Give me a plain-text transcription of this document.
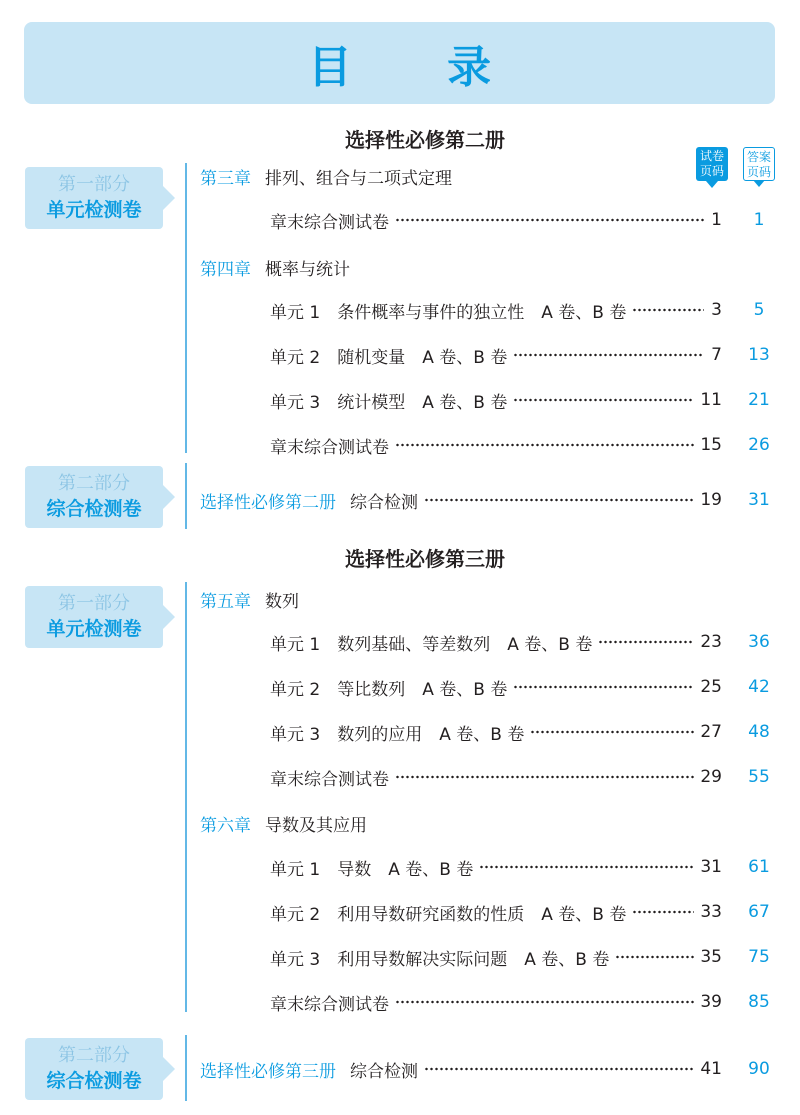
目 录
试卷
页码
答案
页码
选择性必修第二册
第一部分
单元检测卷
第三章 排列、组合与二项式定理
章末综合测试卷	1	1
第四章 概率与统计
单元 1　条件概率与事件的独立性　A 卷、B 卷	3	5
单元 2　随机变量　A 卷、B 卷	7	13
单元 3　统计模型　A 卷、B 卷	11	21
章末综合测试卷	15	26
第二部分
综合检测卷	选择性必修第二册 综合检测	19	31
选择性必修第三册
第一部分
单元检测卷
第五章 数列
单元 1　数列基础、等差数列　A 卷、B 卷	23	36
单元 2　等比数列　A 卷、B 卷	25	42
单元 3　数列的应用　A 卷、B 卷	27	48
章末综合测试卷	29	55
第六章 导数及其应用
单元 1　导数　A 卷、B 卷	31	61
单元 2　利用导数研究函数的性质　A 卷、B 卷	33	67
单元 3　利用导数解决实际问题　A 卷、B 卷	35	75
章末综合测试卷	39	85
第二部分
综合检测卷	选择性必修第三册 综合检测	41	90
